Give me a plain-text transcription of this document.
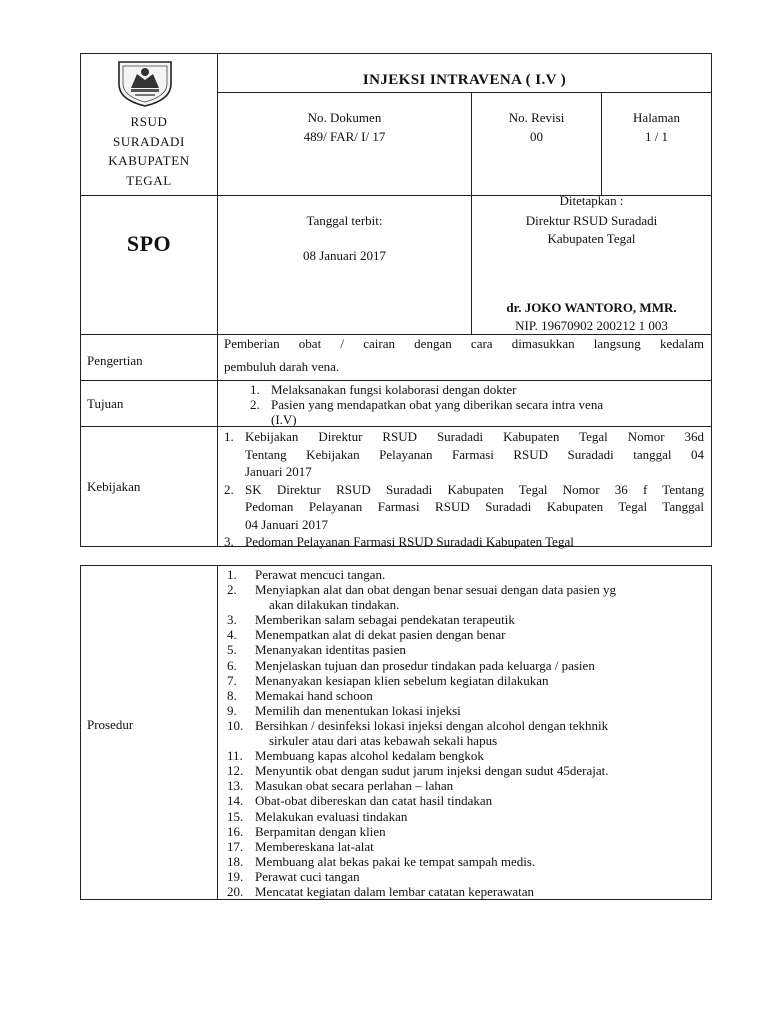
RSUD
SURADADI
KABUPATEN
TEGAL
INJEKSI INTRAVENA ( I.V )
No. Dokumen
489/ FAR/ I/ 17
No. Revisi
00
Halaman
1 / 1
SPO
Tanggal terbit:
08 Januari 2017
Ditetapkan :
Direktur RSUD Suradadi
Kabupaten Tegal
dr. JOKO WANTORO, MMR.
NIP. 19670902 200212 1 003
Pengertian
Pemberian obat / cairan dengan cara dimasukkan langsung kedalam
pembuluh darah vena.
Tujuan
1. Melaksanakan fungsi kolaborasi dengan dokter
2. Pasien yang mendapatkan obat yang diberikan secara intra vena
(I.V)
Kebijakan
1. Kebijakan Direktur RSUD Suradadi Kabupaten Tegal Nomor 36d
Tentang Kebijakan Pelayanan Farmasi RSUD Suradadi tanggal 04
Januari 2017
2. SK Direktur RSUD Suradadi Kabupaten Tegal Nomor 36 f Tentang
Pedoman Pelayanan Farmasi RSUD Suradadi Kabupaten Tegal Tanggal
04 Januari 2017
3. Pedoman Pelayanan Farmasi RSUD Suradadi Kabupaten Tegal
Prosedur
1. Perawat mencuci tangan.
2. Menyiapkan alat dan obat dengan benar sesuai dengan data pasien yg
akan dilakukan tindakan.
3. Memberikan salam sebagai pendekatan terapeutik
4. Menempatkan alat di dekat pasien dengan benar
5. Menanyakan identitas pasien
6. Menjelaskan tujuan dan prosedur tindakan pada keluarga / pasien
7. Menanyakan kesiapan klien sebelum kegiatan dilakukan
8. Memakai hand schoon
9. Memilih dan menentukan lokasi injeksi
10. Bersihkan / desinfeksi lokasi injeksi dengan alcohol dengan tekhnik
sirkuler atau dari atas kebawah sekali hapus
11. Membuang kapas alcohol kedalam bengkok
12. Menyuntik obat dengan sudut jarum injeksi dengan sudut 45derajat.
13. Masukan obat secara perlahan – lahan
14. Obat-obat dibereskan dan catat hasil tindakan
15. Melakukan evaluasi tindakan
16. Berpamitan dengan klien
17. Membereskana lat-alat
18. Membuang alat bekas pakai ke tempat sampah medis.
19. Perawat cuci tangan
20. Mencatat kegiatan dalam lembar catatan keperawatan
